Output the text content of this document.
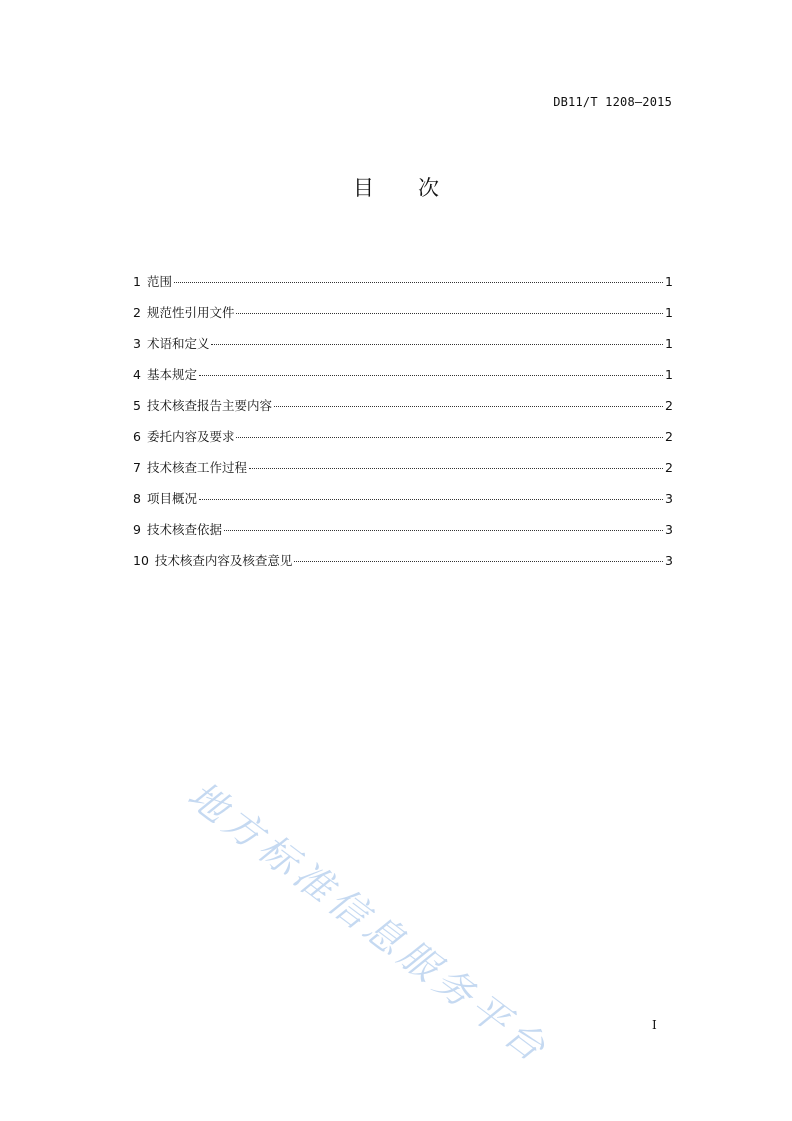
DB11/T 1208—2015
目 次
1 范围	1
2 规范性引用文件	1
3 术语和定义	1
4 基本规定	1
5 技术核查报告主要内容	2
6 委托内容及要求	2
7 技术核查工作过程	2
8 项目概况	3
9 技术核查依据	3
10 技术核查内容及核查意见	3
地方标准信息服务平台	I
